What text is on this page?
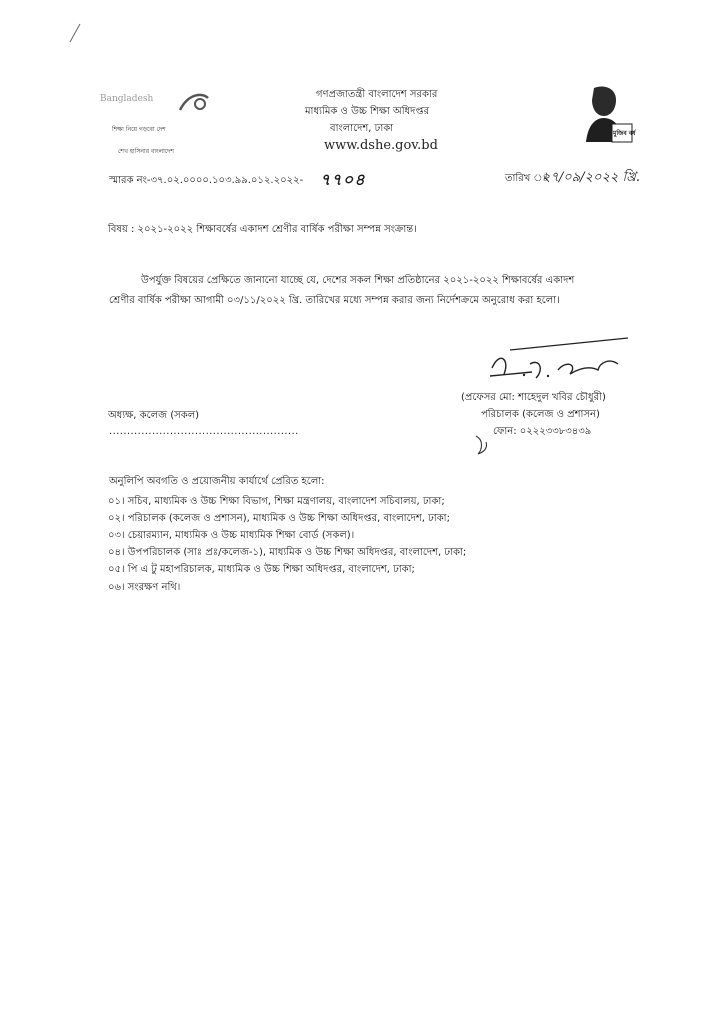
Bangladesh
শিক্ষা নিয়ে গড়বো দেশ
শেখ হাসিনার বাংলাদেশ
গণপ্রজাতন্ত্রী বাংলাদেশ সরকার
মাধ্যমিক ও উচ্চ শিক্ষা অধিদপ্তর
বাংলাদেশ, ঢাকা
www.dshe.gov.bd
মুজিব বর্ষ
স্মারক নং-৩৭.০২.০০০০.১০৩.৯৯.০১২.২০২২- ৭৭০৪	তারিখ ঃ
২৭/০৯/২০২২ খ্রি.
বিষয় : ২০২১-২০২২ শিক্ষাবর্ষের একাদশ শ্রেণীর বার্ষিক পরীক্ষা সম্পন্ন সংক্রান্ত।
উপর্যুক্ত বিষয়ের প্রেক্ষিতে জানানো যাচ্ছে যে, দেশের সকল শিক্ষা প্রতিষ্ঠানের ২০২১-২০২২ শিক্ষাবর্ষের একাদশ
শ্রেণীর বার্ষিক পরীক্ষা আগামী ০৩/১১/২০২২ খ্রি. তারিখের মধ্যে সম্পন্ন করার জন্য নির্দেশক্রমে অনুরোধ করা হলো।
(প্রফেসর মো: শাহেদুল খবির চৌধুরী)
পরিচালক (কলেজ ও প্রশাসন)
ফোন: ০২২২৩৩৮৩৪৩৯
অধ্যক্ষ, কলেজ (সকল)
.....................................................
অনুলিপি অবগতি ও প্রয়োজনীয় কার্যার্থে প্রেরিত হলো:
০১। সচিব, মাধ্যমিক ও উচ্চ শিক্ষা বিভাগ, শিক্ষা মন্ত্রণালয়, বাংলাদেশ সচিবালয়, ঢাকা;
০২। পরিচালক (কলেজ ও প্রশাসন), মাধ্যমিক ও উচ্চ শিক্ষা অধিদপ্তর, বাংলাদেশ, ঢাকা;
০৩। চেয়ারম্যান, মাধ্যমিক ও উচ্চ মাধ্যমিক শিক্ষা বোর্ড (সকল)।
০৪। উপপরিচালক (সাঃ প্রঃ/কলেজ-১), মাধ্যমিক ও উচ্চ শিক্ষা অধিদপ্তর, বাংলাদেশ, ঢাকা;
০৫। পি এ টু মহাপরিচালক, মাধ্যমিক ও উচ্চ শিক্ষা অধিদপ্তর, বাংলাদেশ, ঢাকা;
০৬। সংরক্ষণ নথি।
